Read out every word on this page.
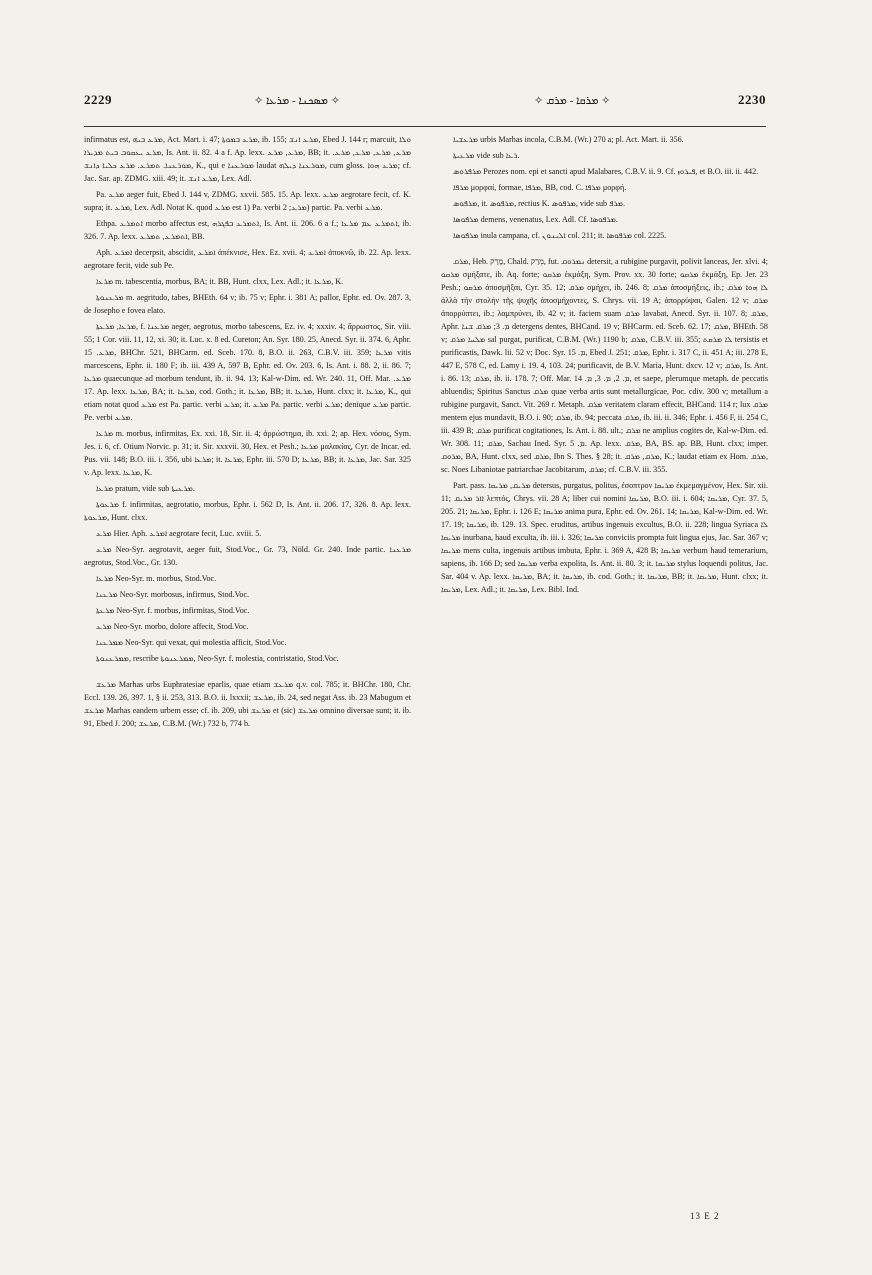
2229	✧ ܡܣܟܢܐ - ܡܪܥܐ ✧	✧ ܡܪܩܐ - ܡܪܩ ✧	2230

infirmatus est, ܡܪܥ ܒܝܗ, Act. Mart. i. 47; ܡܪܥ ܒܡܘܬܐ, ib. 155; ܡܪܥ ܐܢܫ, Ebed J. 144 r; marcuit, ܘܠܐ ܡܪܥ ܝܥܩܘܒ ܒܝܬ ܡܕܝܪܐ, Is. Ant. ii. 82. 4 a f. Ap. lexx. ܡܪܥ, ܡܪܥ, BB; it. ܡܪܥ, ܡܪܥ, ܡܪܥ, ܡܪܥ. ܡܘܪܥܢܐ. ܬܡܪܥ. ܡܪܥ ܟܠܝܐ ܕܐܢܫ, K., qui e ܡܘܪܥܢܐ laudat ܡܘܪܥܢܐ ܕܝܠܗ, cum gloss. ܡܪܥ ܗܘܐ; cf. Jac. Sar. ap. ZDMG. xiii. 49; it. ܡܪܥ ܐܢܫ, Lex. Adl.

Pa. ܡܪܥ aeger fuit, Ebed J. 144 v, ZDMG. xxvii. 585. 15. Ap. lexx. ܡܪܥ aegrotare fecit, cf. K. supra; it. ܡܪܥ, Lex. Adl. Notat K. quod ܡܪܥ est 1) Pa. verbi ܡܪܥ; 2) partic. Pa. verbi ܡܪܥ.

Ethpa. ܐܬܡܪܥ morbo affectus est, ܐܬܡܪܥ ܒܦܓܪܗ, Is. Ant. ii. 206. 6 a f.; ܐܬܡܪܥ ܥܡ ܡܪܥܐ, ib. 326. 7. Ap. lexx. ܐܬܡܪܥ, ܬܡܪܥ, BB.

Aph. ܐܡܪܥ decerpsit, abscidit, ܐܡܪܥ ἀπέκνισε, Hex. Ez. xvii. 4; ܐܡܪܥ ἀποκνῶ, ib. 22. Ap. lexx. aegrotare fecit, vide sub Pe.

ܡܪܥܐ m. tabescentia, morbus, BA; it. BB, Hunt. clxx, Lex. Adl.; it. ܡܪܥܐ, K.

ܡܪܥܢܘܬܐ m. aegritudo, tabes, BHEth. 64 v; ib. 75 v; Ephr. i. 381 A; pallor, Ephr. ed. Ov. 287. 3, de Josepho e fovea elato.

ܡܪܥܐ, ܡܪܥܬܐ, f. ܡܪܥܢܐ aeger, aegrotus, morbo tabescens, Ez. iv. 4; xxxiv. 4; ἄρρωστος, Sir. viii. 55; 1 Cor. viii. 11, 12, xi. 30; it. Luc. x. 8 ed. Cureton; An. Syr. 180. 25, Anecd. Syr. ii. 374. 6, Aphr. ܡܪܥ. 15, BHChr. 521, BHCarm. ed. Sceb. 170. 8, B.O. ii. 263, C.B.V. iii. 359; ܡܪܥܐ vitis marcescens, Ephr. ii. 180 F; ib. iii. 439 A, 597 B, Ephr. ed. Ov. 203. 6, Is. Ant. i. 88. 2, ii. 86. 7; ܡܪܥܐ quaecunque ad morbum tendunt, ib. ii. 94. 13; Kal-w-Dim. ed. Wr. 240. 11, Off. Mar. ܡܪܥ. 17. Ap. lexx. ܡܪܥܐ, BA; it. ܡܪܥܐ, cod. Goth.; it. ܡܪܥܐ, BB; it. ܡܪܥܐ, Hunt. clxx; it. ܡܪܥܐ, K., qui etiam notat quod ܡܪܥ est Pa. partic. verbi ܡܪܥ; it. ܡܪܥ Pa. partic. verbi ܡܪܥ; denique ܡܪܥ partic. Pe. verbi ܡܪܥ.

ܡܪܥܐ m. morbus, infirmitas, Ex. xxi. 18, Sir. ii. 4; ἀρρώστημα, ib. xxi. 2; ap. Hex. νόσος, Sym. Jes. i. 6, cf. Otium Norvic. p. 31; it. Sir. xxxvii. 30, Hex. et Pesh.; ܡܪܥܐ μαλακίας, Cyr. de Incar. ed. Pus. vii. 148; B.O. iii. i. 356, ubi ܡܪܥܐ; it. ܡܪܥܐ, Ephr. iii. 570 D; ܡܪܥܐ, BB; it. ܡܪܥܐ, Jac. Sar. 325 v. Ap. lexx. ܡܪܥܐ, K.

ܡܪܥܐ pratum, vide sub ܡܪܥܝܬܐ.

ܡܪܥܘܬܐ f. infirmitas, aegrotatio, morbus, Ephr. i. 562 D, Is. Ant. ii. 206. 17, 326. 8. Ap. lexx. ܡܪܥܘܬܐ, Hunt. clxx.

ܡܪܥ Hier. Aph. ܐܡܪܥ aegrotare fecit, Luc. xviii. 5.

ܡܪܥ Neo-Syr. aegrotavit, aeger fuit, Stod.Voc., Gr. 73, Nöld. Gr. 240. Inde partic. ܡܪܥܢܐ aegrotus, Stod.Voc., Gr. 130.

ܡܪܥܐ Neo-Syr. m. morbus, Stod.Voc.

ܡܪܥܢܐ Neo-Syr. morbosus, infirmus, Stod.Voc.

ܡܪܥܬܐ Neo-Syr. f. morbus, infirmitas, Stod.Voc.

ܡܪܥ Neo-Syr. morbo, dolore affecit, Stod.Voc.

ܡܡܪܥܢܐ Neo-Syr. qui vexat, qui molestia afficit, Stod.Voc.

ܡܡܪܥܢܘܬܐ, rescribe ܡܡܪܥܢܘܬܐ, Neo-Syr. f. molestia, contristatio, Stod.Voc.

ܡܪܥܫ Marhas urbs Euphratesiae eparlis, quae etiam ܡܪܥܫ q.v. col. 785; it. BHChr. 180, Chr. Eccl. 139. 26, 397. 1, § ii. 253, 313. B.O. ii. lxxxii; ܡܪܥܫ, ib. 24, sed negat Ass. ib. 23 Mabugum et ܡܪܥܫ Marhas eandem urbem esse; cf. ib. 209, ubi ܡܪܥܫ et (sic) ܡܪܥܫ omnino diversae sunt; it. ib. 91, Ebed J. 200; ܡܪܥܫ, C.B.M. (Wr.) 732 b, 774 b.

ܡܪܥܫܝܐ urbis Marhas incola, C.B.M. (Wr.) 270 a; pl. Act. Mart. ii. 356.

ܡܪܥܝܬܐ vide sub ܪܥܐ.

ܡܪܦܪܘܣ Perozes nom. epi et sancti apud Malabares, C.B.V. ii. 9. Cf. ܦܝܪܘܙ, et B.O. iii. ii. 442.

ܡܪܦܐ μορφαί, formae, ܡܪܦܐ, BB, cod. C. ܡܪܦܐ μορφή.

ܡܪܦܘܣ, it. ܡܪܦܘܣ, rectius K. ܡܪܦܘܣ, vide sub ܡܪܦ.

ܡܪܦܘܣܐ demens, venenatus, Lex. Adl. Cf. ܡܪܦܘܣܐ.

ܡܪܦܘܣܐ inula campana, cf. ܐܠܝܢܘܢ col. 211; it. ܡܪܦܘܣܐ col. 2225.

ܡܪܩ, Heb. מָרַק, Chald. מְרַק, fut. ܢܡܪܘܩ detersit, a rubigine purgavit, polivit lanceas, Jer. xlvi. 4; ܡܪܩܘ σμήξατε, ib. Aq. forte; ܡܪܩܘ ἐκμάξη, Sym. Prov. xx. 30 forte; ܡܪܩܘ ἐκμάξη, Ep. Jer. 23 Pesh.; ܡܪܩܘ ἀποσμῆξαι, Cyr. 35. 12; ܡܪܩ σμήχει, ib. 246. 8; ܡܪܩ ἀποσμήξεις, ib.; ܠܐ ܗܘܐ ܡܪܩ ἀλλὰ τὴν στολὴν τῆς ψυχῆς ἀποσμήχοντες, S. Chrys. vii. 19 A; ἀπορρύψαι, Galen. 12 v; ܡܪܩ ἀπορρύπτει, ib.; λαμπρύνει, ib. 42 v; it. faciem suam ܡܪܩ lavabat, Anecd. Syr. ii. 107. 8; ܡܪܩ, Aphr. ܡ. 3; ܡܪܩ ܫܢܐ detergens dentes, BHCand. 19 v; BHCarm. ed. Sceb. 62. 17; ܡܪܩ, BHEth. 58 v; ܡܠܚܐ ܡܪܩ sal purgat, purificat, C.B.M. (Wr.) 1190 b; ܡܪܩ, C.B.V. iii. 355; ܠܐ ܡܪܩܬ tersistis et purificastis, Dawk. lii. 52 v; Doc. Syr. ܡ. 15, Ebed J. 251; ܡܪܩ, Ephr. i. 317 C, ii. 451 A; iii. 278 E, 447 E, 578 C, ed. Lamy i. 19. 4, 103. 24; purificavit, de B.V. Maria, Hunt. dxcv. 12 v; ܡܪܩ, Is. Ant. i. 86. 13; ܡܪܩ, ib. ii. 178. 7; Off. Mar. ܡ. 2, ܡ. 3, ܡ. 14, et saepe, plerumque metaph. de peccatis abluendis; Spiritus Sanctus ܡܪܩ quae verba artis sunt metallurgicae, Poc. cdiv. 300 v; metallum a rubigine purgavit, Sanct. Vit. 269 r. Metaph. ܡܪܩ veritatem claram effecit, BHCand. 114 r; lux ܡܪܩ mentem ejus mundavit, B.O. i. 90; ܡܪܩ, ib. 94; peccata ܡܪܩ, ib. iii. ii. 346; Ephr. i. 456 F, ii. 254 C, iii. 439 B; ܡܪܩ purificat cogitationes, Is. Ant. i. 88. ult.; ܡܪܩ ne amplius cogites de, Kal-w-Dim. ed. Wr. 308. 11; ܡܪܩ, Sachau Ined. Syr. ܡ. 5. Ap. lexx. ܡܪܩ, BA, BS. ap. BB, Hunt. clxx; imper. ܡܪܘܩ, BA, Hunt. clxx, sed ܡܪܩ, Ibn S. Thes. § 28; it. ܡܪܩ, ܡܪܩ, K.; laudat etiam ex Hom. ܡܪܩ, sc. Noes Libaniotae patriarchae Jacobitarum, ܡܪܩ; cf. C.B.V. iii. 355.

Part. pass. ܡܪܝܩ, ܡܪܝܩܐ detersus, purgatus, politus, ἐσοπτρον ܡܪܝܩܐ ἐκμεμαγμένον, Hex. Sir. xii. 11; ܐܐܪ ܡܪܝܩ λεπτός, Chrys. vii. 28 A; liber cui nomini ܡܪܝܩܐ, B.O. iii. i. 604; ܡܪܝܩܐ, Cyr. 37. 5, 205. 21; ܡܪܝܩܐ, Ephr. i. 126 E; ܡܪܝܩܐ anima pura, Ephr. ed. Ov. 261. 14; ܡܪܝܩܐ, Kal-w-Dim. ed. Wr. 17. 19; ܡܪܝܩܐ, ib. 129. 13. Spec. eruditus, artibus ingenuis excultus, B.O. ii. 228; lingua Syriaca ܠܐ ܡܪܝܩܐ inurbana, haud exculta, ib. iii. i. 326; ܡܪܝܩܐ conviciis prompta fuit lingua ejus, Jac. Sar. 367 v; ܡܪܝܩܐ mens culta, ingenuis artibus imbuta, Ephr. i. 369 A, 428 B; ܡܪܝܩܐ verbum haud temerarium, sapiens, ib. 166 D; sed ܡܪܝܩܐ verba expolita, Is. Ant. ii. 80. 3; it. ܡܪܝܩܐ stylus loquendi politus, Jac. Sar. 404 v. Ap. lexx. ܡܪܝܩܐ, BA; it. ܡܪܝܩܐ, ib. cod. Goth.; it. ܡܪܝܩܐ, BB; it. ܡܪܝܩܐ, Hunt. clxx; it. ܡܪܝܩܐ, Lex. Adl.; it. ܡܪܝܩܐ, Lex. Bibl. Ind.

13 E 2
